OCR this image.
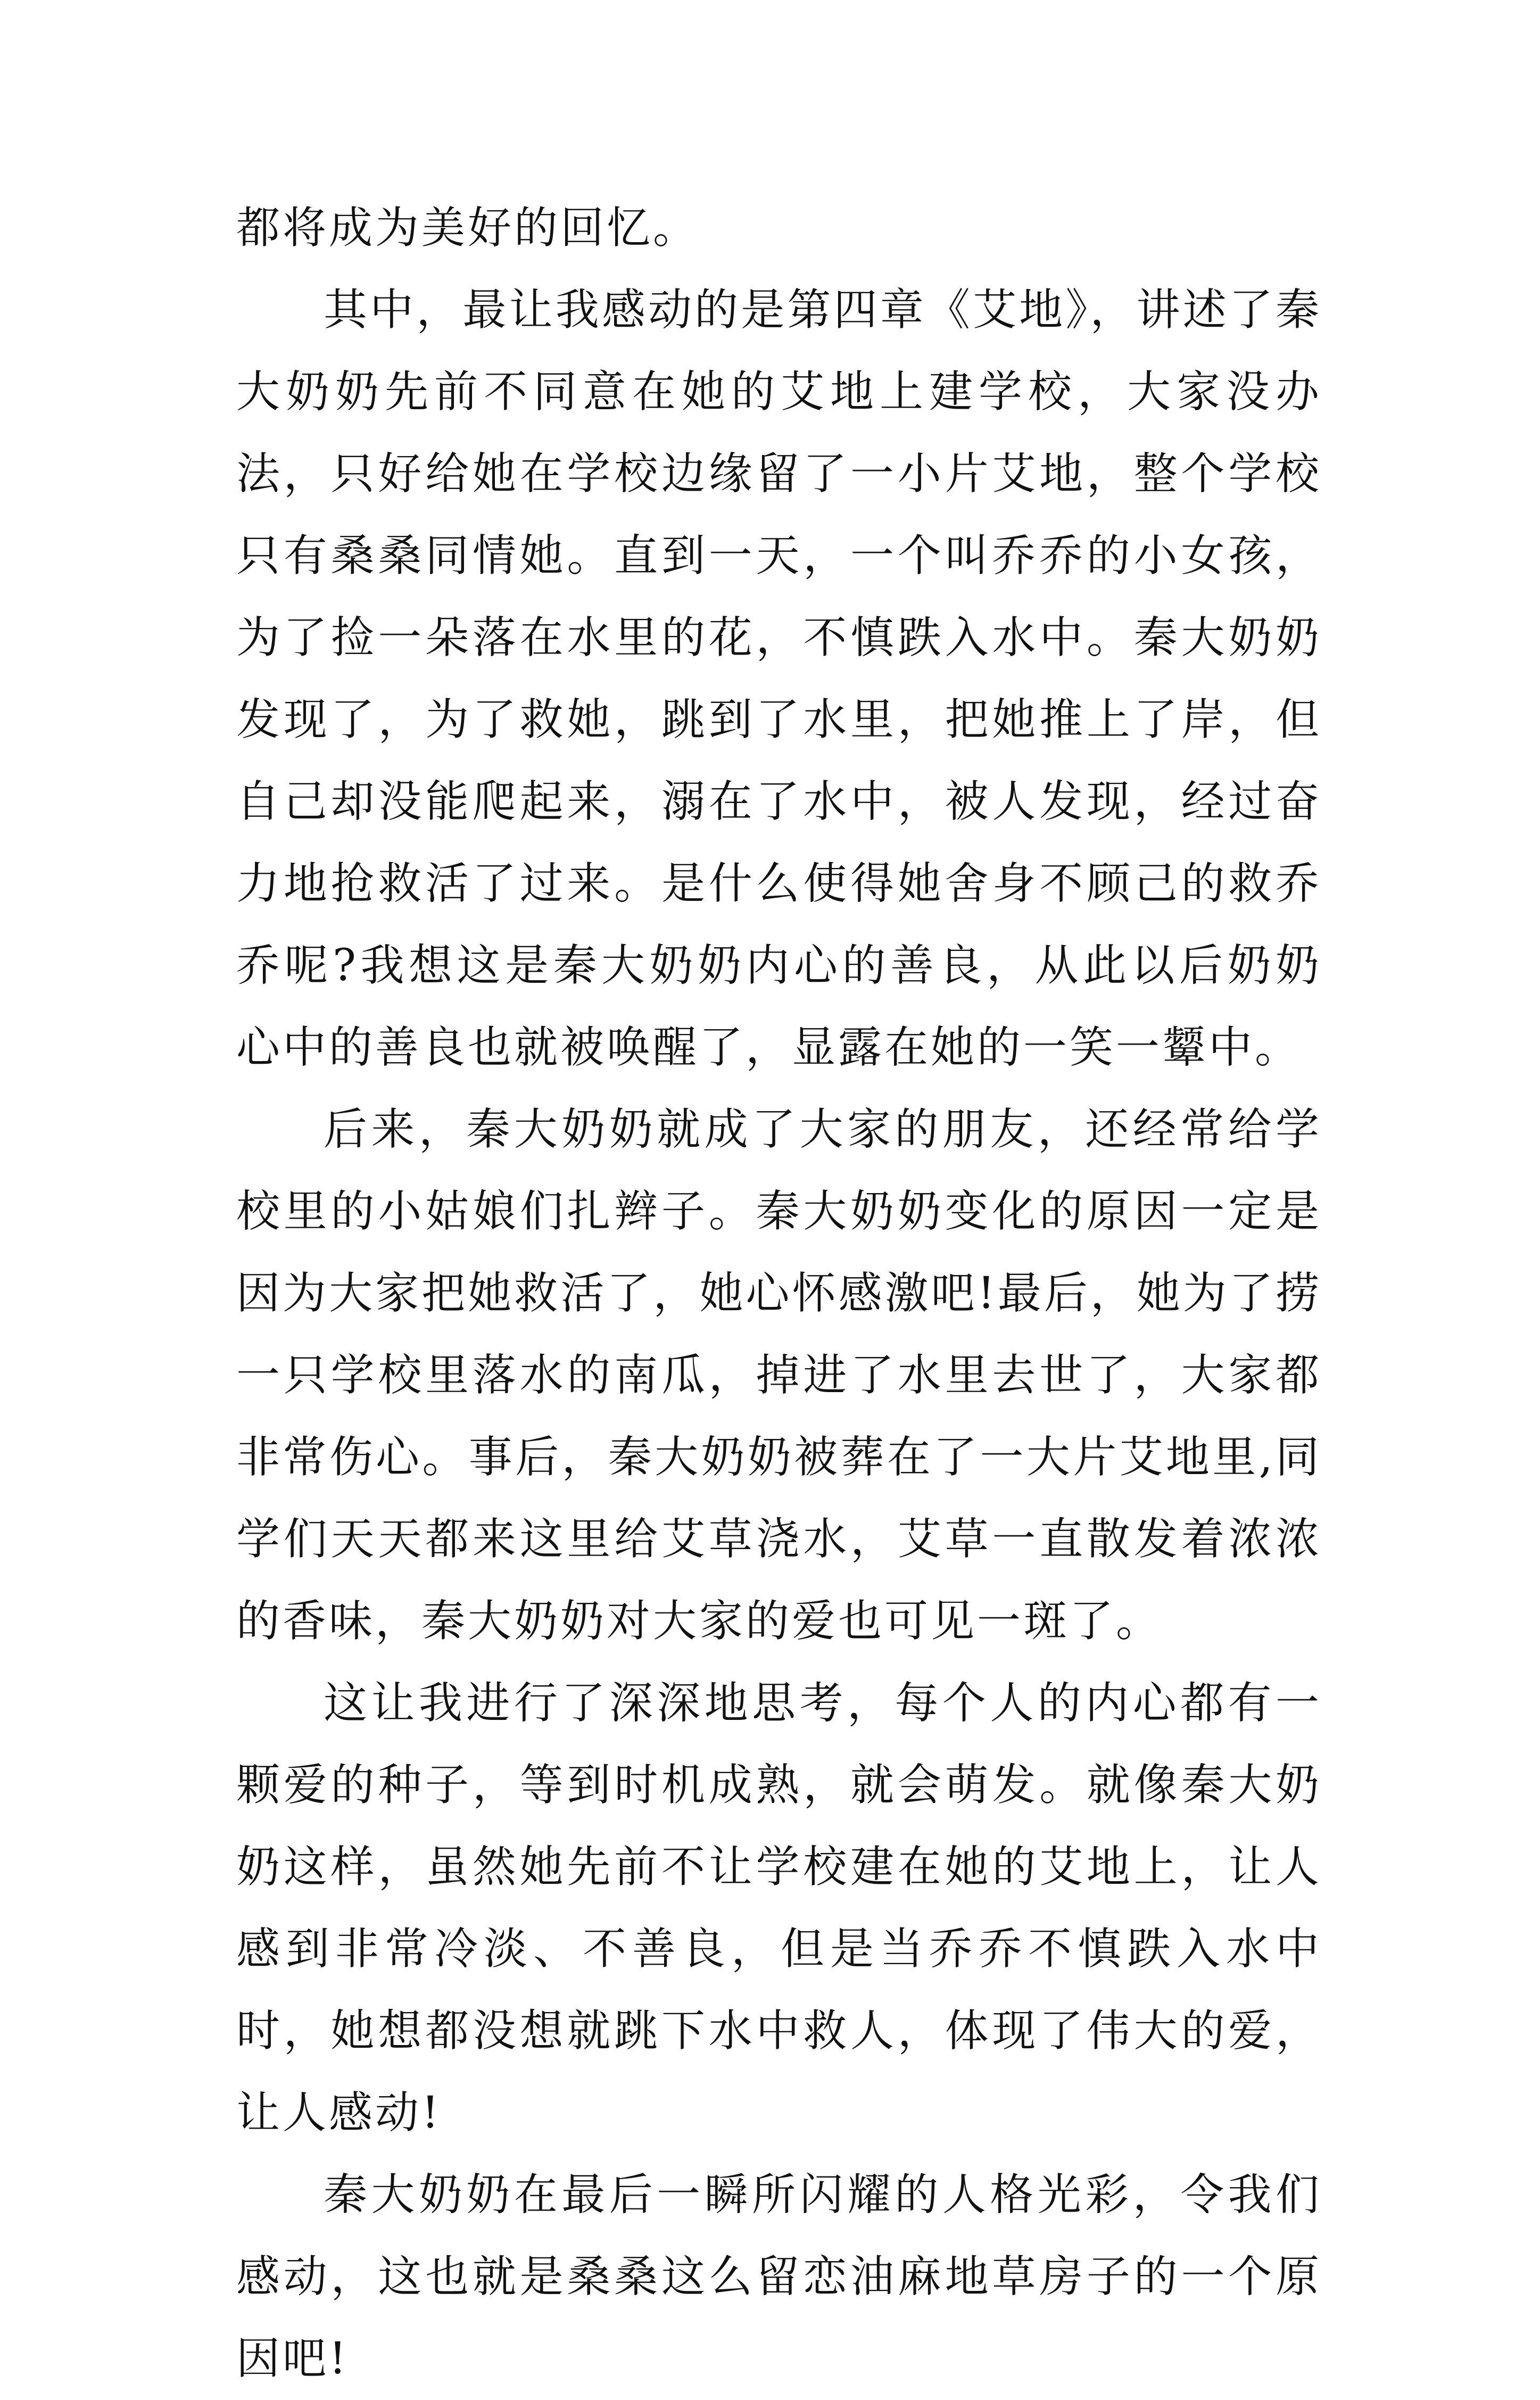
都将成为美好的回忆。

其中，最让我感动的是第四章《艾地》，讲述了秦大奶奶先前不同意在她的艾地上建学校，大家没办法，只好给她在学校边缘留了一小片艾地，整个学校只有桑桑同情她。直到一天，一个叫乔乔的小女孩，为了捡一朵落在水里的花，不慎跌入水中。秦大奶奶发现了，为了救她，跳到了水里，把她推上了岸，但自己却没能爬起来，溺在了水中，被人发现，经过奋力地抢救活了过来。是什么使得她舍身不顾己的救乔乔呢?我想这是秦大奶奶内心的善良，从此以后奶奶心中的善良也就被唤醒了，显露在她的一笑一颦中。

后来，秦大奶奶就成了大家的朋友，还经常给学校里的小姑娘们扎辫子。秦大奶奶变化的原因一定是因为大家把她救活了，她心怀感激吧!最后，她为了捞一只学校里落水的南瓜，掉进了水里去世了，大家都非常伤心。事后，秦大奶奶被葬在了一大片艾地里,同学们天天都来这里给艾草浇水，艾草一直散发着浓浓的香味，秦大奶奶对大家的爱也可见一斑了。

这让我进行了深深地思考，每个人的内心都有一颗爱的种子，等到时机成熟，就会萌发。就像秦大奶奶这样，虽然她先前不让学校建在她的艾地上，让人感到非常冷淡、不善良，但是当乔乔不慎跌入水中时，她想都没想就跳下水中救人，体现了伟大的爱，让人感动!

秦大奶奶在最后一瞬所闪耀的人格光彩，令我们感动，这也就是桑桑这么留恋油麻地草房子的一个原因吧!
